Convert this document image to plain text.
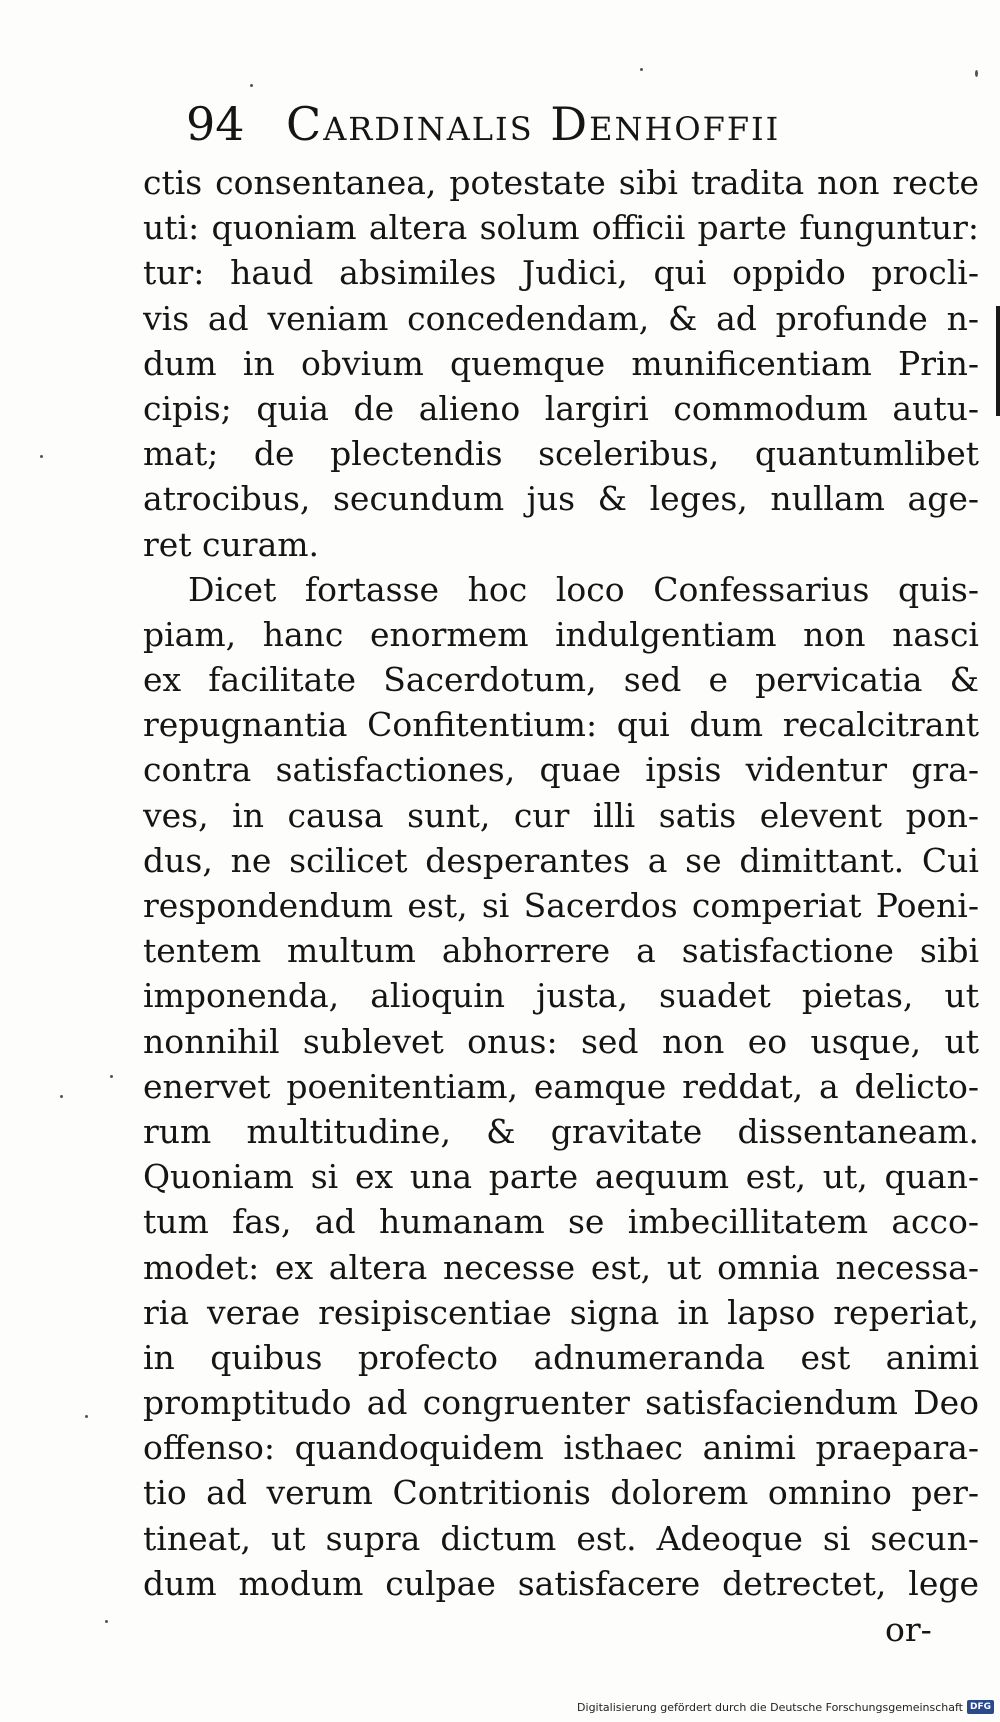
94 Cardinalis Denhoffii
ctis consentanea, potestate sibi tradita non recte
uti: quoniam altera solum officii parte funguntur:
tur: haud absimiles Judici, qui oppido procli-
vis ad veniam concedendam, & ad profunde n-
dum in obvium quemque munificentiam Prin-
cipis; quia de alieno largiri commodum autu-
mat; de plectendis sceleribus, quantumlibet
atrocibus, secundum jus & leges, nullam age-
ret curam.
Dicet fortasse hoc loco Confessarius quis-
piam, hanc enormem indulgentiam non nasci
ex facilitate Sacerdotum, sed e pervicatia &
repugnantia Confitentium: qui dum recalcitrant
contra satisfactiones, quae ipsis videntur gra-
ves, in causa sunt, cur illi satis elevent pon-
dus, ne scilicet desperantes a se dimittant. Cui
respondendum est, si Sacerdos comperiat Poeni-
tentem multum abhorrere a satisfactione sibi
imponenda, alioquin justa, suadet pietas, ut
nonnihil sublevet onus: sed non eo usque, ut
enervet poenitentiam, eamque reddat, a delicto-
rum multitudine, & gravitate dissentaneam.
Quoniam si ex una parte aequum est, ut, quan-
tum fas, ad humanam se imbecillitatem acco-
modet: ex altera necesse est, ut omnia necessa-
ria verae resipiscentiae signa in lapso reperiat,
in quibus profecto adnumeranda est animi
promptitudo ad congruenter satisfaciendum Deo
offenso: quandoquidem isthaec animi praepara-
tio ad verum Contritionis dolorem omnino per-
tineat, ut supra dictum est. Adeoque si secun-
dum modum culpae satisfacere detrectet, lege
or-
Digitalisierung gefördert durch die Deutsche Forschungsgemeinschaft DFG
